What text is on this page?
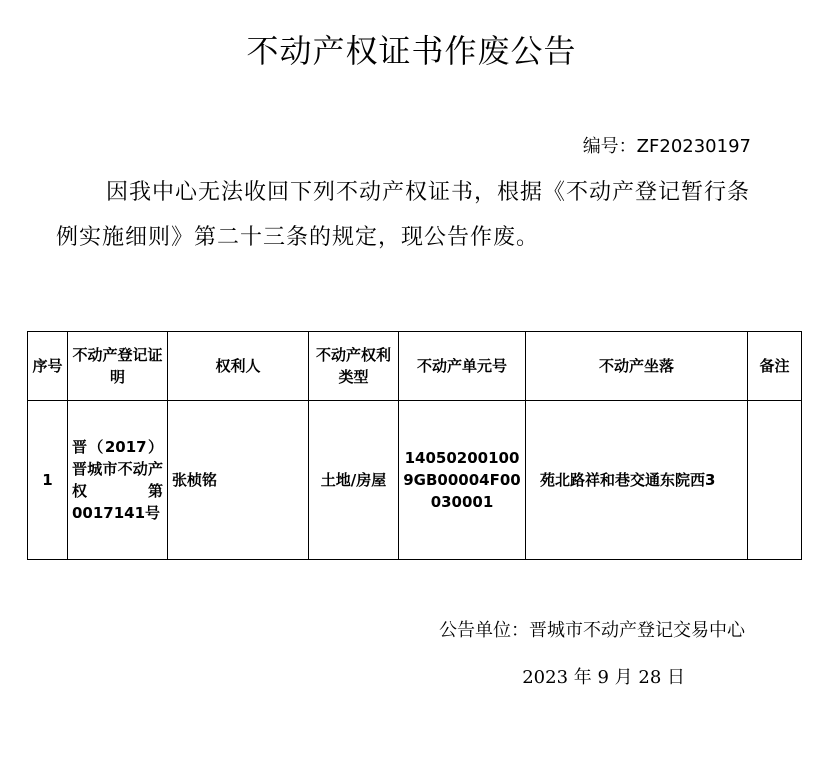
不动产权证书作废公告
编号：ZF20230197
因我中心无法收回下列不动产权证书，根据《不动产登记暂行条例实施细则》第二十三条的规定，现公告作废。
序号	不动产登记证明	权利人	不动产权利类型	不动产单元号	不动产坐落	备注
1	晋（2017）晋城市不动产权第0017141号	张桢铭	土地/房屋	140502001009GB00004F00030001	苑北路祥和巷交通东院西3	
公告单位：晋城市不动产登记交易中心
2023 年 9 月 28 日
